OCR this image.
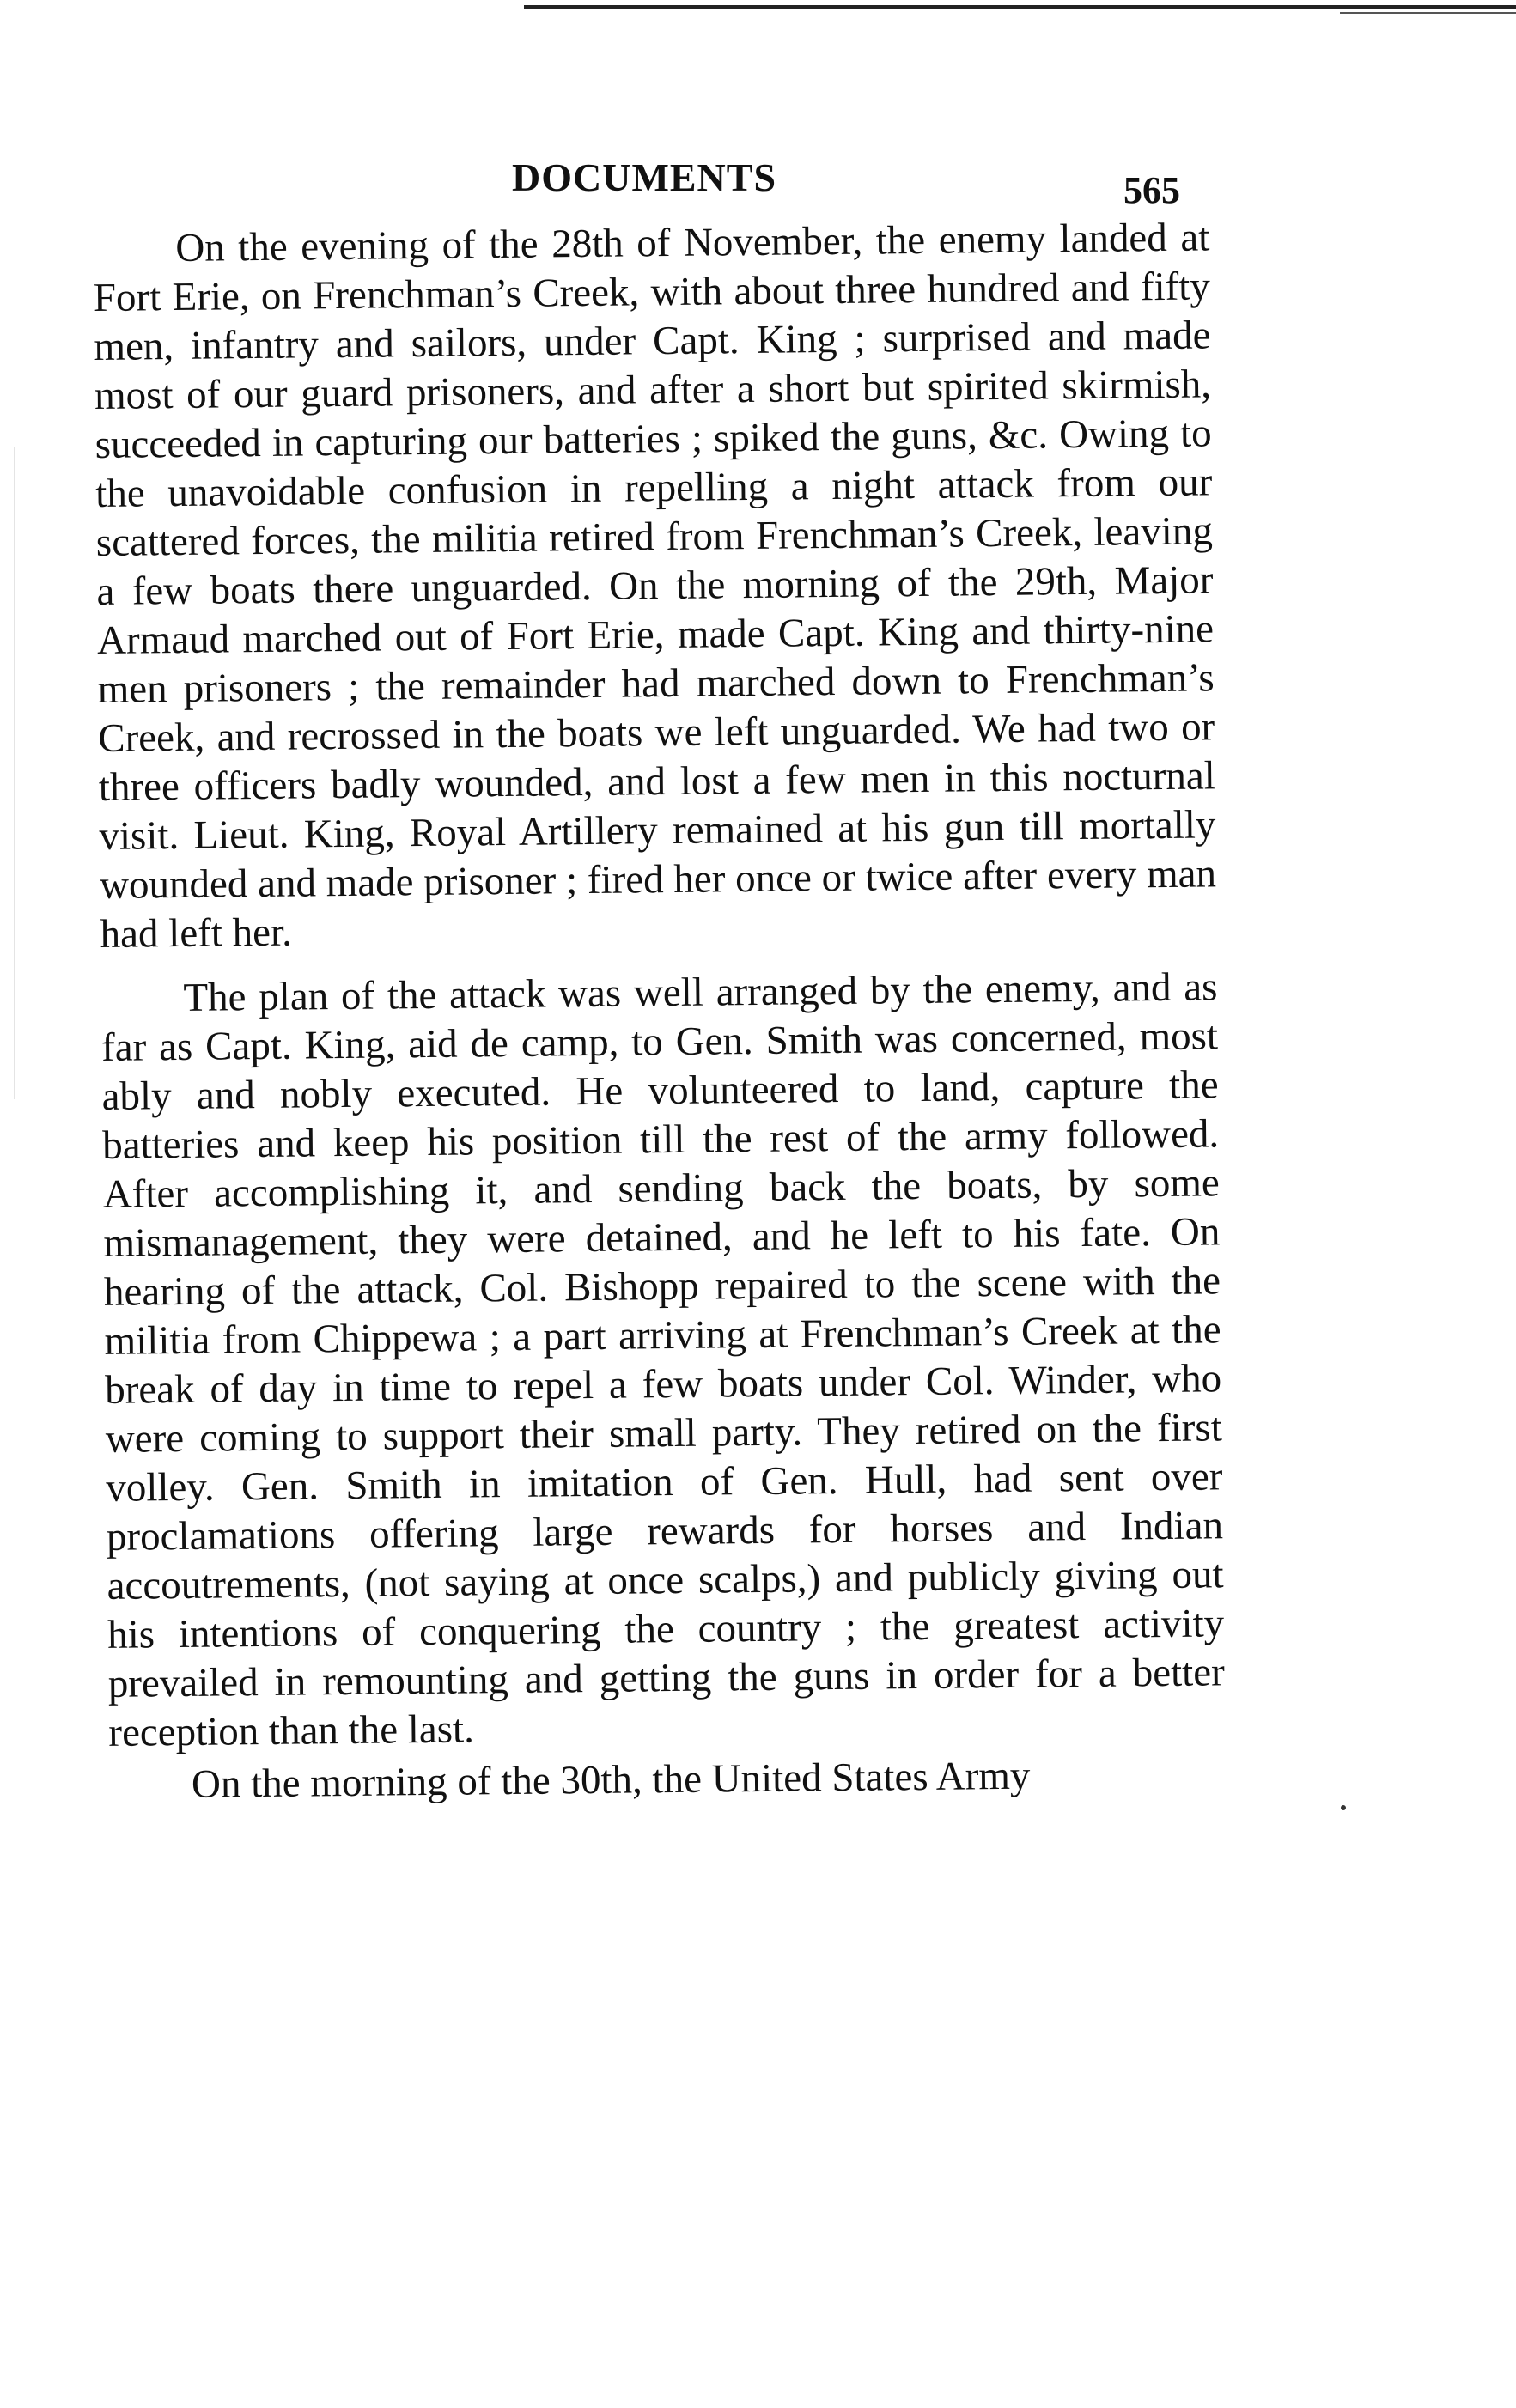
DOCUMENTS	565

On the evening of the 28th of November, the enemy landed at Fort Erie, on Frenchman’s Creek, with about three hundred and fifty men, infantry and sailors, under Capt. King ; surprised and made most of our guard prisoners, and after a short but spirited skirmish, succeeded in capturing our batteries ; spiked the guns, &c. Owing to the unavoidable confusion in repelling a night attack from our scattered forces, the militia retired from Frenchman’s Creek, leaving a few boats there unguarded. On the morning of the 29th, Major Armaud marched out of Fort Erie, made Capt. King and thirty-nine men prisoners ; the remainder had marched down to Frenchman’s Creek, and recrossed in the boats we left unguarded. We had two or three officers badly wounded, and lost a few men in this nocturnal visit. Lieut. King, Royal Artillery remained at his gun till mortally wounded and made prisoner ; fired her once or twice after every man had left her.

The plan of the attack was well arranged by the enemy, and as far as Capt. King, aid de camp, to Gen. Smith was concerned, most ably and nobly executed. He volunteered to land, capture the batteries and keep his position till the rest of the army followed. After accomplishing it, and sending back the boats, by some mismanagement, they were detained, and he left to his fate. On hearing of the attack, Col. Bishopp repaired to the scene with the militia from Chippewa ; a part arriving at Frenchman’s Creek at the break of day in time to repel a few boats under Col. Winder, who were coming to support their small party. They retired on the first volley. Gen. Smith in imitation of Gen. Hull, had sent over proclamations offering large rewards for horses and Indian accoutrements, (not saying at once scalps,) and publicly giving out his intentions of conquering the country ; the greatest activity prevailed in remounting and getting the guns in order for a better reception than the last.

On the morning of the 30th, the United States Army
